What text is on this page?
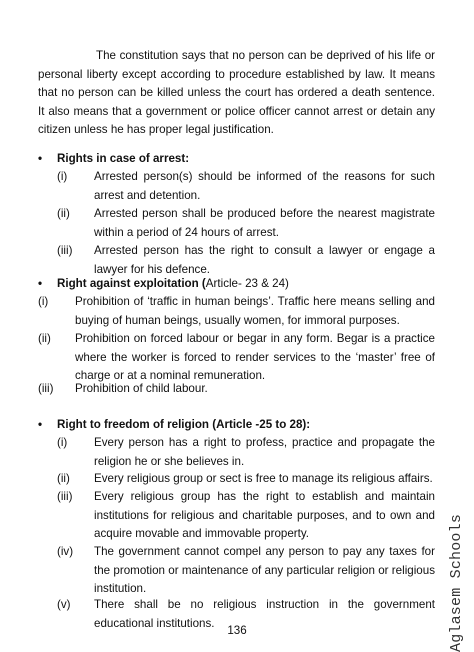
The constitution says that no person can be deprived of his life or personal liberty except according to procedure established by law. It means that no person can be killed unless the court has ordered a death sentence. It also means that a government or police officer cannot arrest or detain any citizen unless he has proper legal justification.

•	Rights in case of arrest:
(i) Arrested person(s) should be informed of the reasons for such arrest and detention.
(ii) Arrested person shall be produced before the nearest magistrate within a period of 24 hours of arrest.
(iii) Arrested person has the right to consult a lawyer or engage a lawyer for his defence.
•	Right against exploitation (Article- 23 & 24)
(i) Prohibition of ‘traffic in human beings’. Traffic here means selling and buying of human beings, usually women, for immoral purposes.
(ii) Prohibition on forced labour or begar in any form. Begar is a practice where the worker is forced to render services to the ‘master’ free of charge or at a nominal remuneration.
(iii) Prohibition of child labour.
•	Right to freedom of religion (Article -25 to 28):
(i) Every person has a right to profess, practice and propagate the religion he or she believes in.
(ii) Every religious group or sect is free to manage its religious affairs.
(iii) Every religious group has the right to establish and maintain institutions for religious and charitable purposes, and to own and acquire movable and immovable property.
(iv) The government cannot compel any person to pay any taxes for the promotion or maintenance of any particular religion or religious institution.
(v) There shall be no religious instruction in the government educational institutions.	Aglasem Schools
136
